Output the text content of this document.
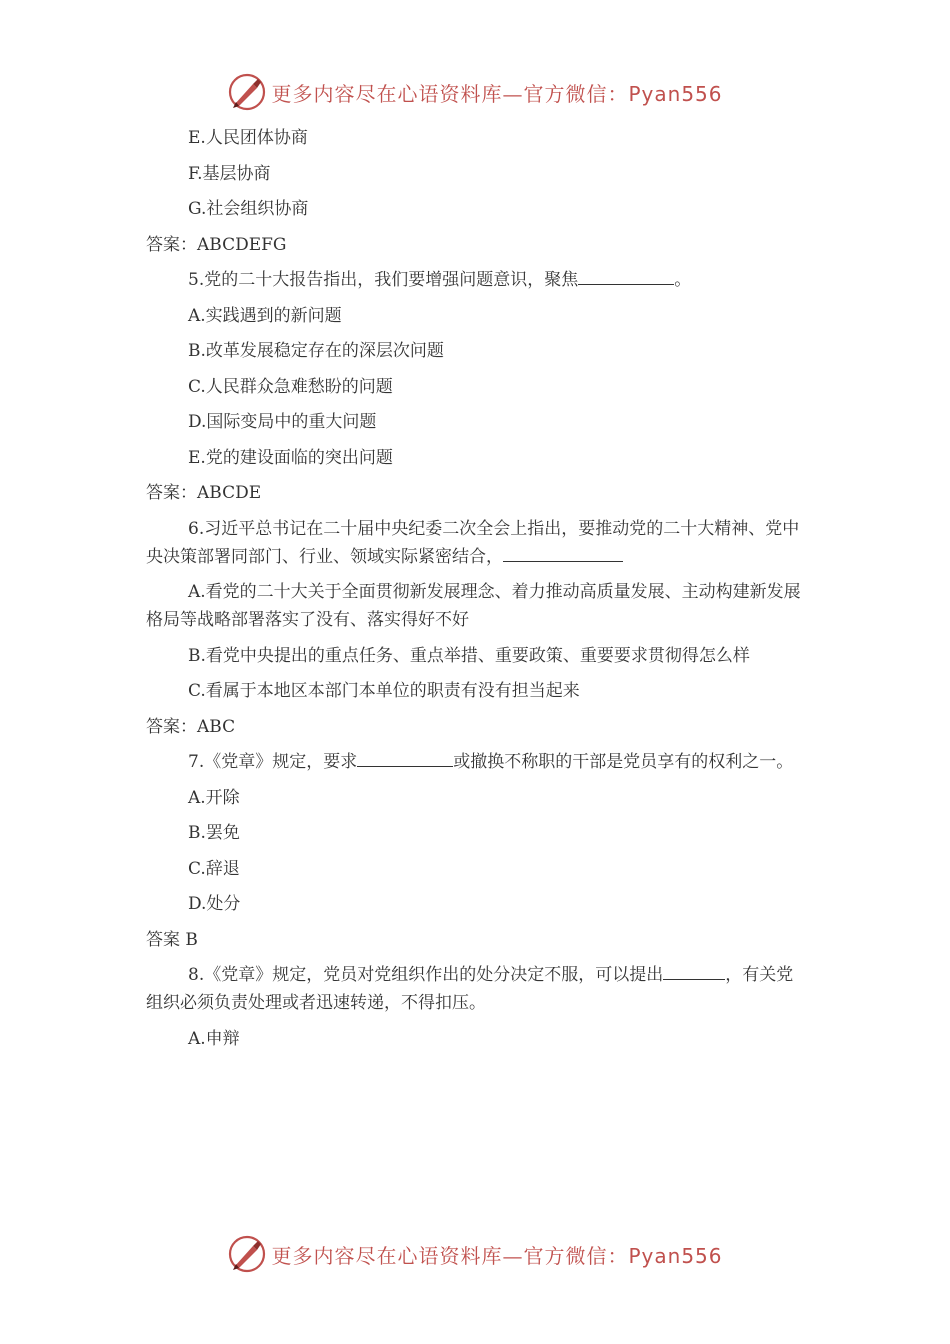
更多内容尽在心语资料库—官方微信：Pyan556
E.人民团体协商
F.基层协商
G.社会组织协商
答案：ABCDEFG
5.党的二十大报告指出，我们要增强问题意识，聚焦	。
A.实践遇到的新问题
B.改革发展稳定存在的深层次问题
C.人民群众急难愁盼的问题
D.国际变局中的重大问题
E.党的建设面临的突出问题
答案：ABCDE
6.习近平总书记在二十届中央纪委二次全会上指出，要推动党的二十大精神、党中央决策部署同部门、行业、领域实际紧密结合，
A.看党的二十大关于全面贯彻新发展理念、着力推动高质量发展、主动构建新发展格局等战略部署落实了没有、落实得好不好
B.看党中央提出的重点任务、重点举措、重要政策、重要要求贯彻得怎么样
C.看属于本地区本部门本单位的职责有没有担当起来
答案：ABC
7.《党章》规定，要求	或撤换不称职的干部是党员享有的权利之一。
A.开除
B.罢免
C.辞退
D.处分
答案 B
8.《党章》规定，党员对党组织作出的处分决定不服，可以提出	，有关党组织必须负责处理或者迅速转递，不得扣压。
A.申辩
更多内容尽在心语资料库—官方微信：Pyan556
